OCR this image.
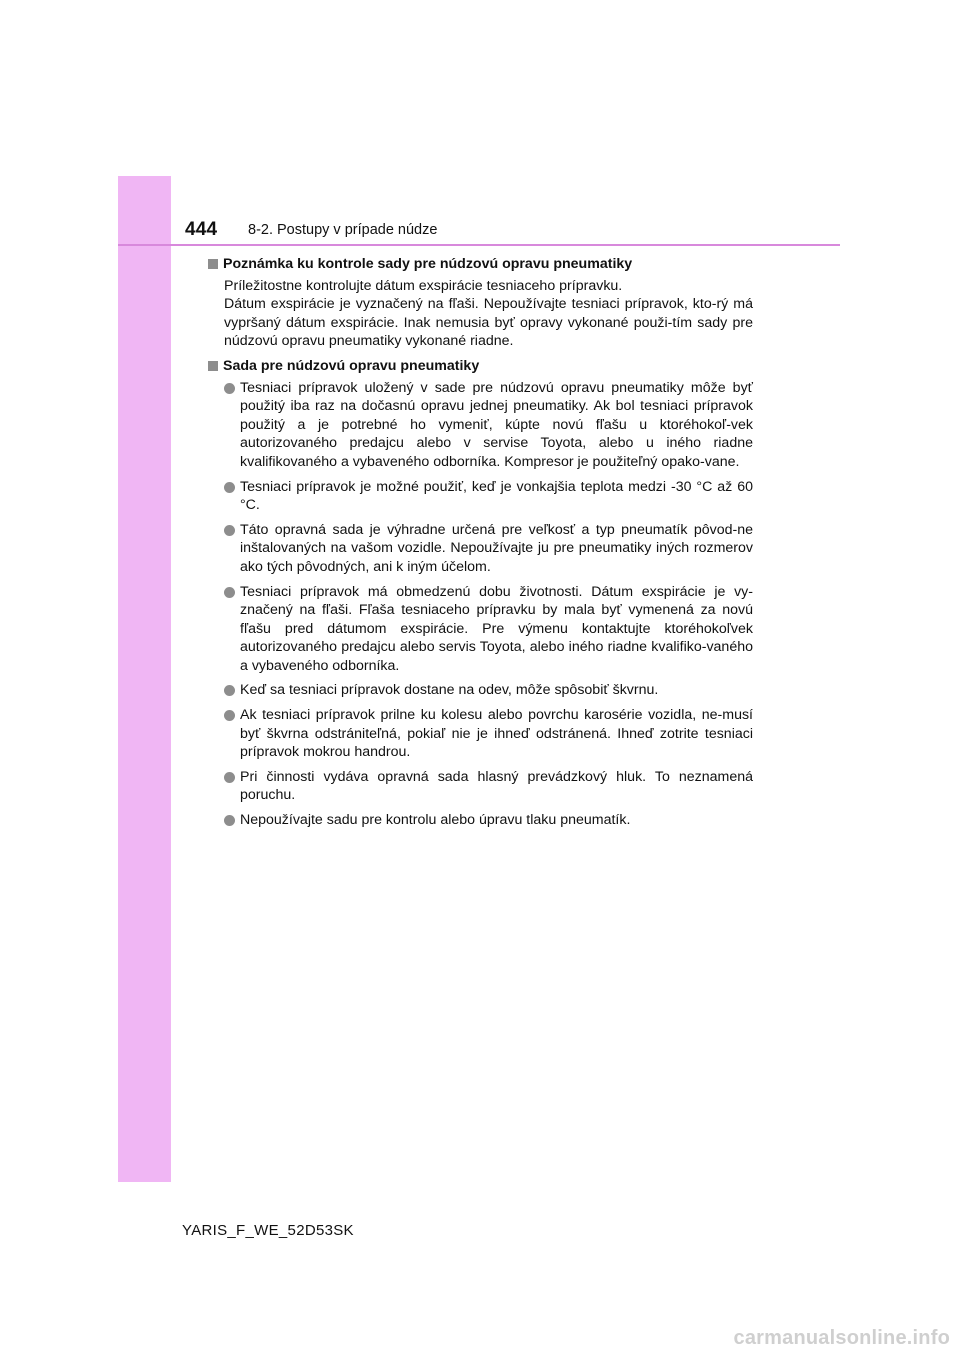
444 8-2. Postupy v prípade núdze
Poznámka ku kontrole sady pre núdzovú opravu pneumatiky

Príležitostne kontrolujte dátum exspirácie tesniaceho prípravku.

Dátum exspirácie je vyznačený na fľaši. Nepoužívajte tesniaci prípravok, kto-rý má vypršaný dátum exspirácie. Inak nemusia byť opravy vykonané použi-tím sady pre núdzovú opravu pneumatiky vykonané riadne.

Sada pre núdzovú opravu pneumatiky
Tesniaci prípravok uložený v sade pre núdzovú opravu pneumatiky môže byť použitý iba raz na dočasnú opravu jednej pneumatiky. Ak bol tesniaci prípravok použitý a je potrebné ho vymeniť, kúpte novú fľašu u ktoréhokoľ-vek autorizovaného predajcu alebo v servise Toyota, alebo u iného riadne kvalifikovaného a vybaveného odborníka. Kompresor je použiteľný opako-vane.
Tesniaci prípravok je možné použiť, keď je vonkajšia teplota medzi -30 °C až 60 °C.
Táto opravná sada je výhradne určená pre veľkosť a typ pneumatík pôvod-ne inštalovaných na vašom vozidle. Nepoužívajte ju pre pneumatiky iných rozmerov ako tých pôvodných, ani k iným účelom.
Tesniaci prípravok má obmedzenú dobu životnosti. Dátum exspirácie je vy-značený na fľaši. Fľaša tesniaceho prípravku by mala byť vymenená za novú fľašu pred dátumom exspirácie. Pre výmenu kontaktujte ktoréhokoľvek autorizovaného predajcu alebo servis Toyota, alebo iného riadne kvalifiko-vaného a vybaveného odborníka.
Keď sa tesniaci prípravok dostane na odev, môže spôsobiť škvrnu.
Ak tesniaci prípravok prilne ku kolesu alebo povrchu karosérie vozidla, ne-musí byť škvrna odstrániteľná, pokiaľ nie je ihneď odstránená. Ihneď zotrite tesniaci prípravok mokrou handrou.
Pri činnosti vydáva opravná sada hlasný prevádzkový hluk. To neznamená poruchu.
Nepoužívajte sadu pre kontrolu alebo úpravu tlaku pneumatík.
YARIS_F_WE_52D53SK
carmanualsonline.info
